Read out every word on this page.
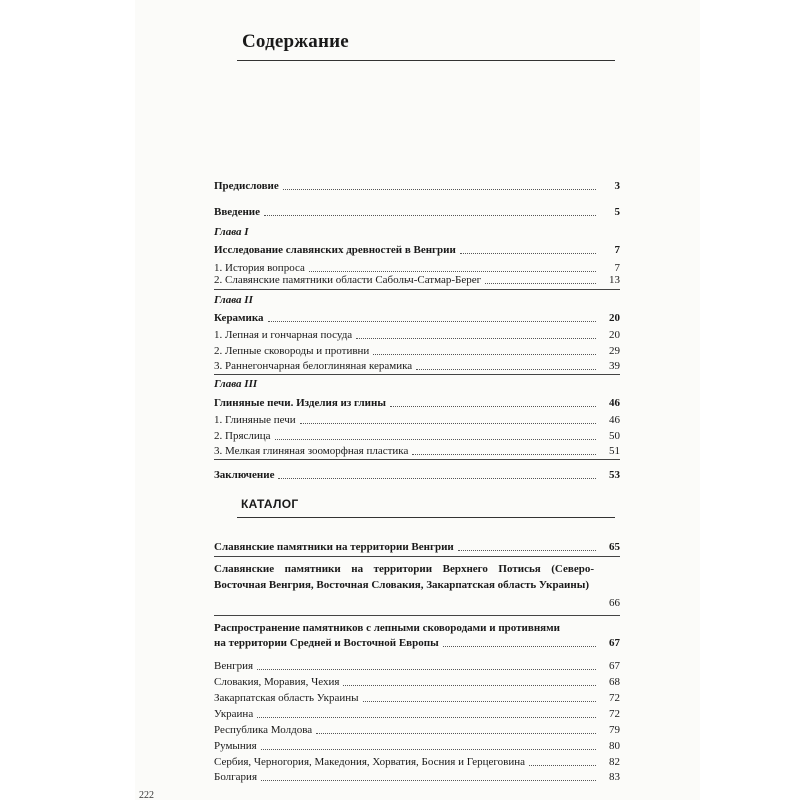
Содержание
Предисловие	3
Введение	5
Глава I
Исследование славянских древностей в Венгрии	7
1. История вопроса	7
2. Славянские памятники области Сабольч-Сатмар-Берег	13
Глава II
Керамика	20
1. Лепная и гончарная посуда	20
2. Лепные сковороды и противни	29
3. Раннегончарная белоглиняная керамика	39
Глава III
Глиняные печи. Изделия из глины	46
1. Глиняные печи	46
2. Пряслица	50
3. Мелкая глиняная зооморфная пластика	51
Заключение	53
КАТАЛОГ
Славянские памятники на территории Венгрии	65
Славянские памятники на территории Верхнего Потисья (Северо-Восточная Венгрия, Восточная Словакия, Закарпатская область Украины)
66
Распространение памятников с лепными сковородами и противнями
на территории Средней и Восточной Европы	67
Венгрия	67
Словакия, Моравия, Чехия	68
Закарпатская область Украины	72
Украина	72
Республика Молдова	79
Румыния	80
Сербия, Черногория, Македония, Хорватия, Босния и Герцеговина	82
Болгария	83
222
